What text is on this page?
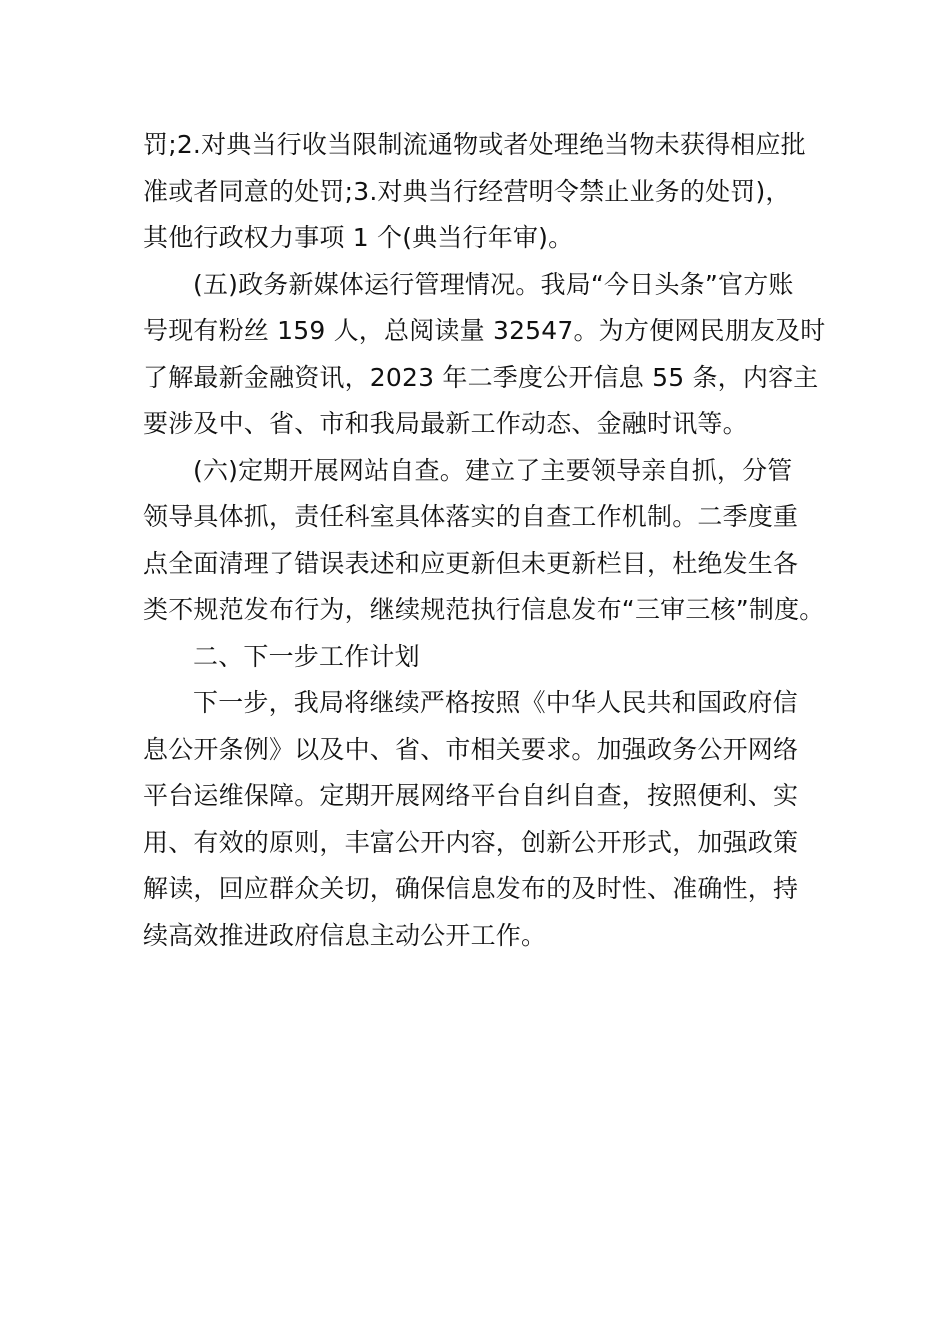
罚;2.对典当行收当限制流通物或者处理绝当物未获得相应批
准或者同意的处罚;3.对典当行经营明令禁止业务的处罚)，
其他行政权力事项 1 个(典当行年审)。
(五)政务新媒体运行管理情况。我局“今日头条”官方账
号现有粉丝 159 人，总阅读量 32547。为方便网民朋友及时
了解最新金融资讯，2023 年二季度公开信息 55 条，内容主
要涉及中、省、市和我局最新工作动态、金融时讯等。
(六)定期开展网站自查。建立了主要领导亲自抓，分管
领导具体抓，责任科室具体落实的自查工作机制。二季度重
点全面清理了错误表述和应更新但未更新栏目，杜绝发生各
类不规范发布行为，继续规范执行信息发布“三审三核”制度。
二、下一步工作计划
下一步，我局将继续严格按照《中华人民共和国政府信
息公开条例》以及中、省、市相关要求。加强政务公开网络
平台运维保障。定期开展网络平台自纠自查，按照便利、实
用、有效的原则，丰富公开内容，创新公开形式，加强政策
解读，回应群众关切，确保信息发布的及时性、准确性，持
续高效推进政府信息主动公开工作。
